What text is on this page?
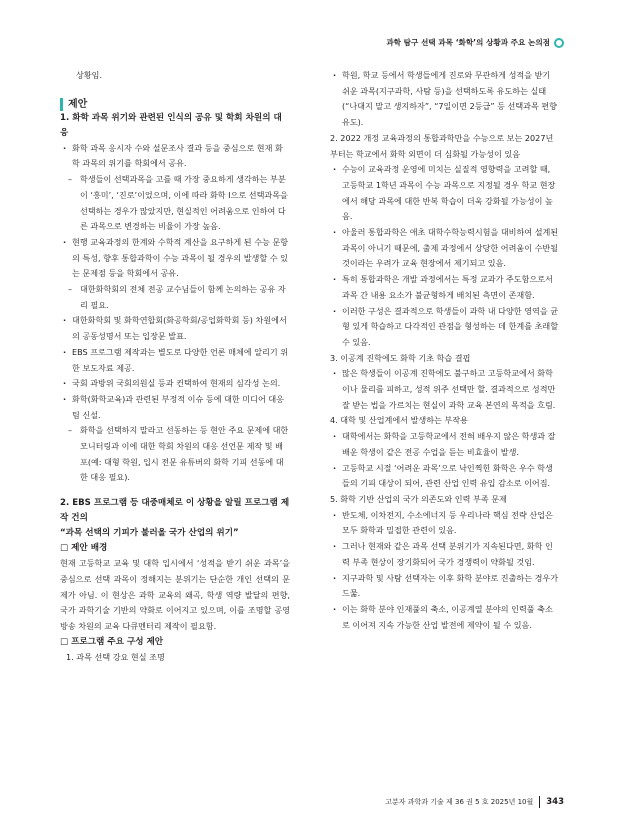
과학 탐구 선택 과목 ‘화학’의 상황과 주요 논의점

상황임.

제안

1. 화학 과목 위기와 관련된 인식의 공유 및 학회 차원의 대응

· 화학 과목 응시자 수와 설문조사 결과 등을 중심으로 현재 화학 과목의 위기를 학회에서 공유.

– 학생들이 선택과목을 고를 때 가장 중요하게 생각하는 부분이 ‘흥미’, ‘진로’이었으며, 이에 따라 화학 I으로 선택과목을 선택하는 경우가 많았지만, 현실적인 어려움으로 인하여 다른 과목으로 변경하는 비율이 가장 높음.

· 현행 교육과정의 한계와 수학적 계산을 요구하게 된 수능 문항의 특성, 향후 통합과학이 수능 과목이 될 경우의 발생할 수 있는 문제점 등을 학회에서 공유.

– 대한화학회의 전체 전공 교수님들이 함께 논의하는 공유 자리 필요.

· 대한화학회 및 화학연합회(화공학회/공업화학회 등) 차원에서의 공동성명서 또는 입장문 발표.

· EBS 프로그램 제작과는 별도로 다양한 언론 매체에 알리기 위한 보도자료 제공.

· 국회 과방위 국회의원실 등과 컨택하여 현재의 심각성 논의.

· 화학(화학교육)과 관련된 부정적 이슈 등에 대한 미디어 대응팀 신설.

– 화학을 선택하지 말라고 선동하는 등 현안 주요 문제에 대한 모니터링과 이에 대한 학회 차원의 대응 선언문 제작 및 배포(예: 대형 학원, 입시 전문 유튜버의 화학 기피 선동에 대한 대응 필요).

2. EBS 프로그램 등 대중매체로 이 상황을 알릴 프로그램 제작 건의

“과목 선택의 기피가 불러올 국가 산업의 위기”

□ 제안 배경

현재 고등학교 교육 및 대학 입시에서 ‘성적을 받기 쉬운 과목’을 중심으로 선택 과목이 정해지는 분위기는 단순한 개인 선택의 문제가 아님. 이 현상은 과학 교육의 왜곡, 학생 역량 발달의 편향, 국가 과학기술 기반의 약화로 이어지고 있으며, 이를 조명할 공영방송 차원의 교육 다큐멘터리 제작이 필요함.

□ 프로그램 주요 구성 제안

1. 과목 선택 강요 현실 조명

· 학원, 학교 등에서 학생들에게 진로와 무관하게 성적을 받기 쉬운 과목(지구과학, 사탐 등)을 선택하도록 유도하는 실태(“나대지 말고 생지하자”, “7일이면 2등급” 등 선택과목 편향 유도).

2. 2022 개정 교육과정의 통합과학만을 수능으로 보는 2027년부터는 학교에서 화학 외면이 더 심화될 가능성이 있음

· 수능이 교육과정 운영에 미치는 실질적 영향력을 고려할 때, 고등학교 1학년 과목이 수능 과목으로 지정될 경우 학교 현장에서 해당 과목에 대한 반복 학습이 더욱 강화될 가능성이 높음.

· 아울러 통합과학은 애초 대학수학능력시험을 대비하여 설계된 과목이 아니기 때문에, 출제 과정에서 상당한 어려움이 수반될 것이라는 우려가 교육 현장에서 제기되고 있음.

· 특히 통합과학은 개발 과정에서는 특정 교과가 주도함으로서 과목 간 내용 요소가 불균형하게 배치된 측면이 존재함.

· 이러한 구성은 결과적으로 학생들이 과학 내 다양한 영역을 균형 있게 학습하고 다각적인 관점을 형성하는 데 한계를 초래할 수 있음.

3. 이공계 진학에도 화학 기초 학습 결핍

· 많은 학생들이 이공계 진학에도 불구하고 고등학교에서 화학이나 물리를 피하고, 성적 위주 선택만 할. 결과적으로 성적만 잘 받는 법을 가르치는 현실이 과학 교육 본연의 목적을 흐림.

4. 대학 및 산업계에서 발생하는 부작용

· 대학에서는 화학을 고등학교에서 전혀 배우지 않은 학생과 잘 배운 학생이 같은 전공 수업을 듣는 비효율이 발생.

· 고등학교 시절 ‘어려운 과목’으로 낙인찍힌 화학은 우수 학생들의 기피 대상이 되어, 관련 산업 인력 유입 감소로 이어짐.

5. 화학 기반 산업의 국가 의존도와 인력 부족 문제

· 반도체, 이차전지, 수소에너지 등 우리나라 핵심 전략 산업은 모두 화학과 밀접한 관련이 있음.

· 그러나 현재와 같은 과목 선택 분위기가 지속된다면, 화학 인력 부족 현상이 장기화되어 국가 경쟁력이 약화될 것임.

· 지구과학 및 사탐 선택자는 이후 화학 분야로 진출하는 경우가 드묾.

· 이는 화학 분야 인재풀의 축소, 이공계열 분야의 인력풀 축소로 이어져 지속 가능한 산업 발전에 제약이 될 수 있음.

고분자 과학과 기술 제 36 권 5 호 2025년 10월 343
